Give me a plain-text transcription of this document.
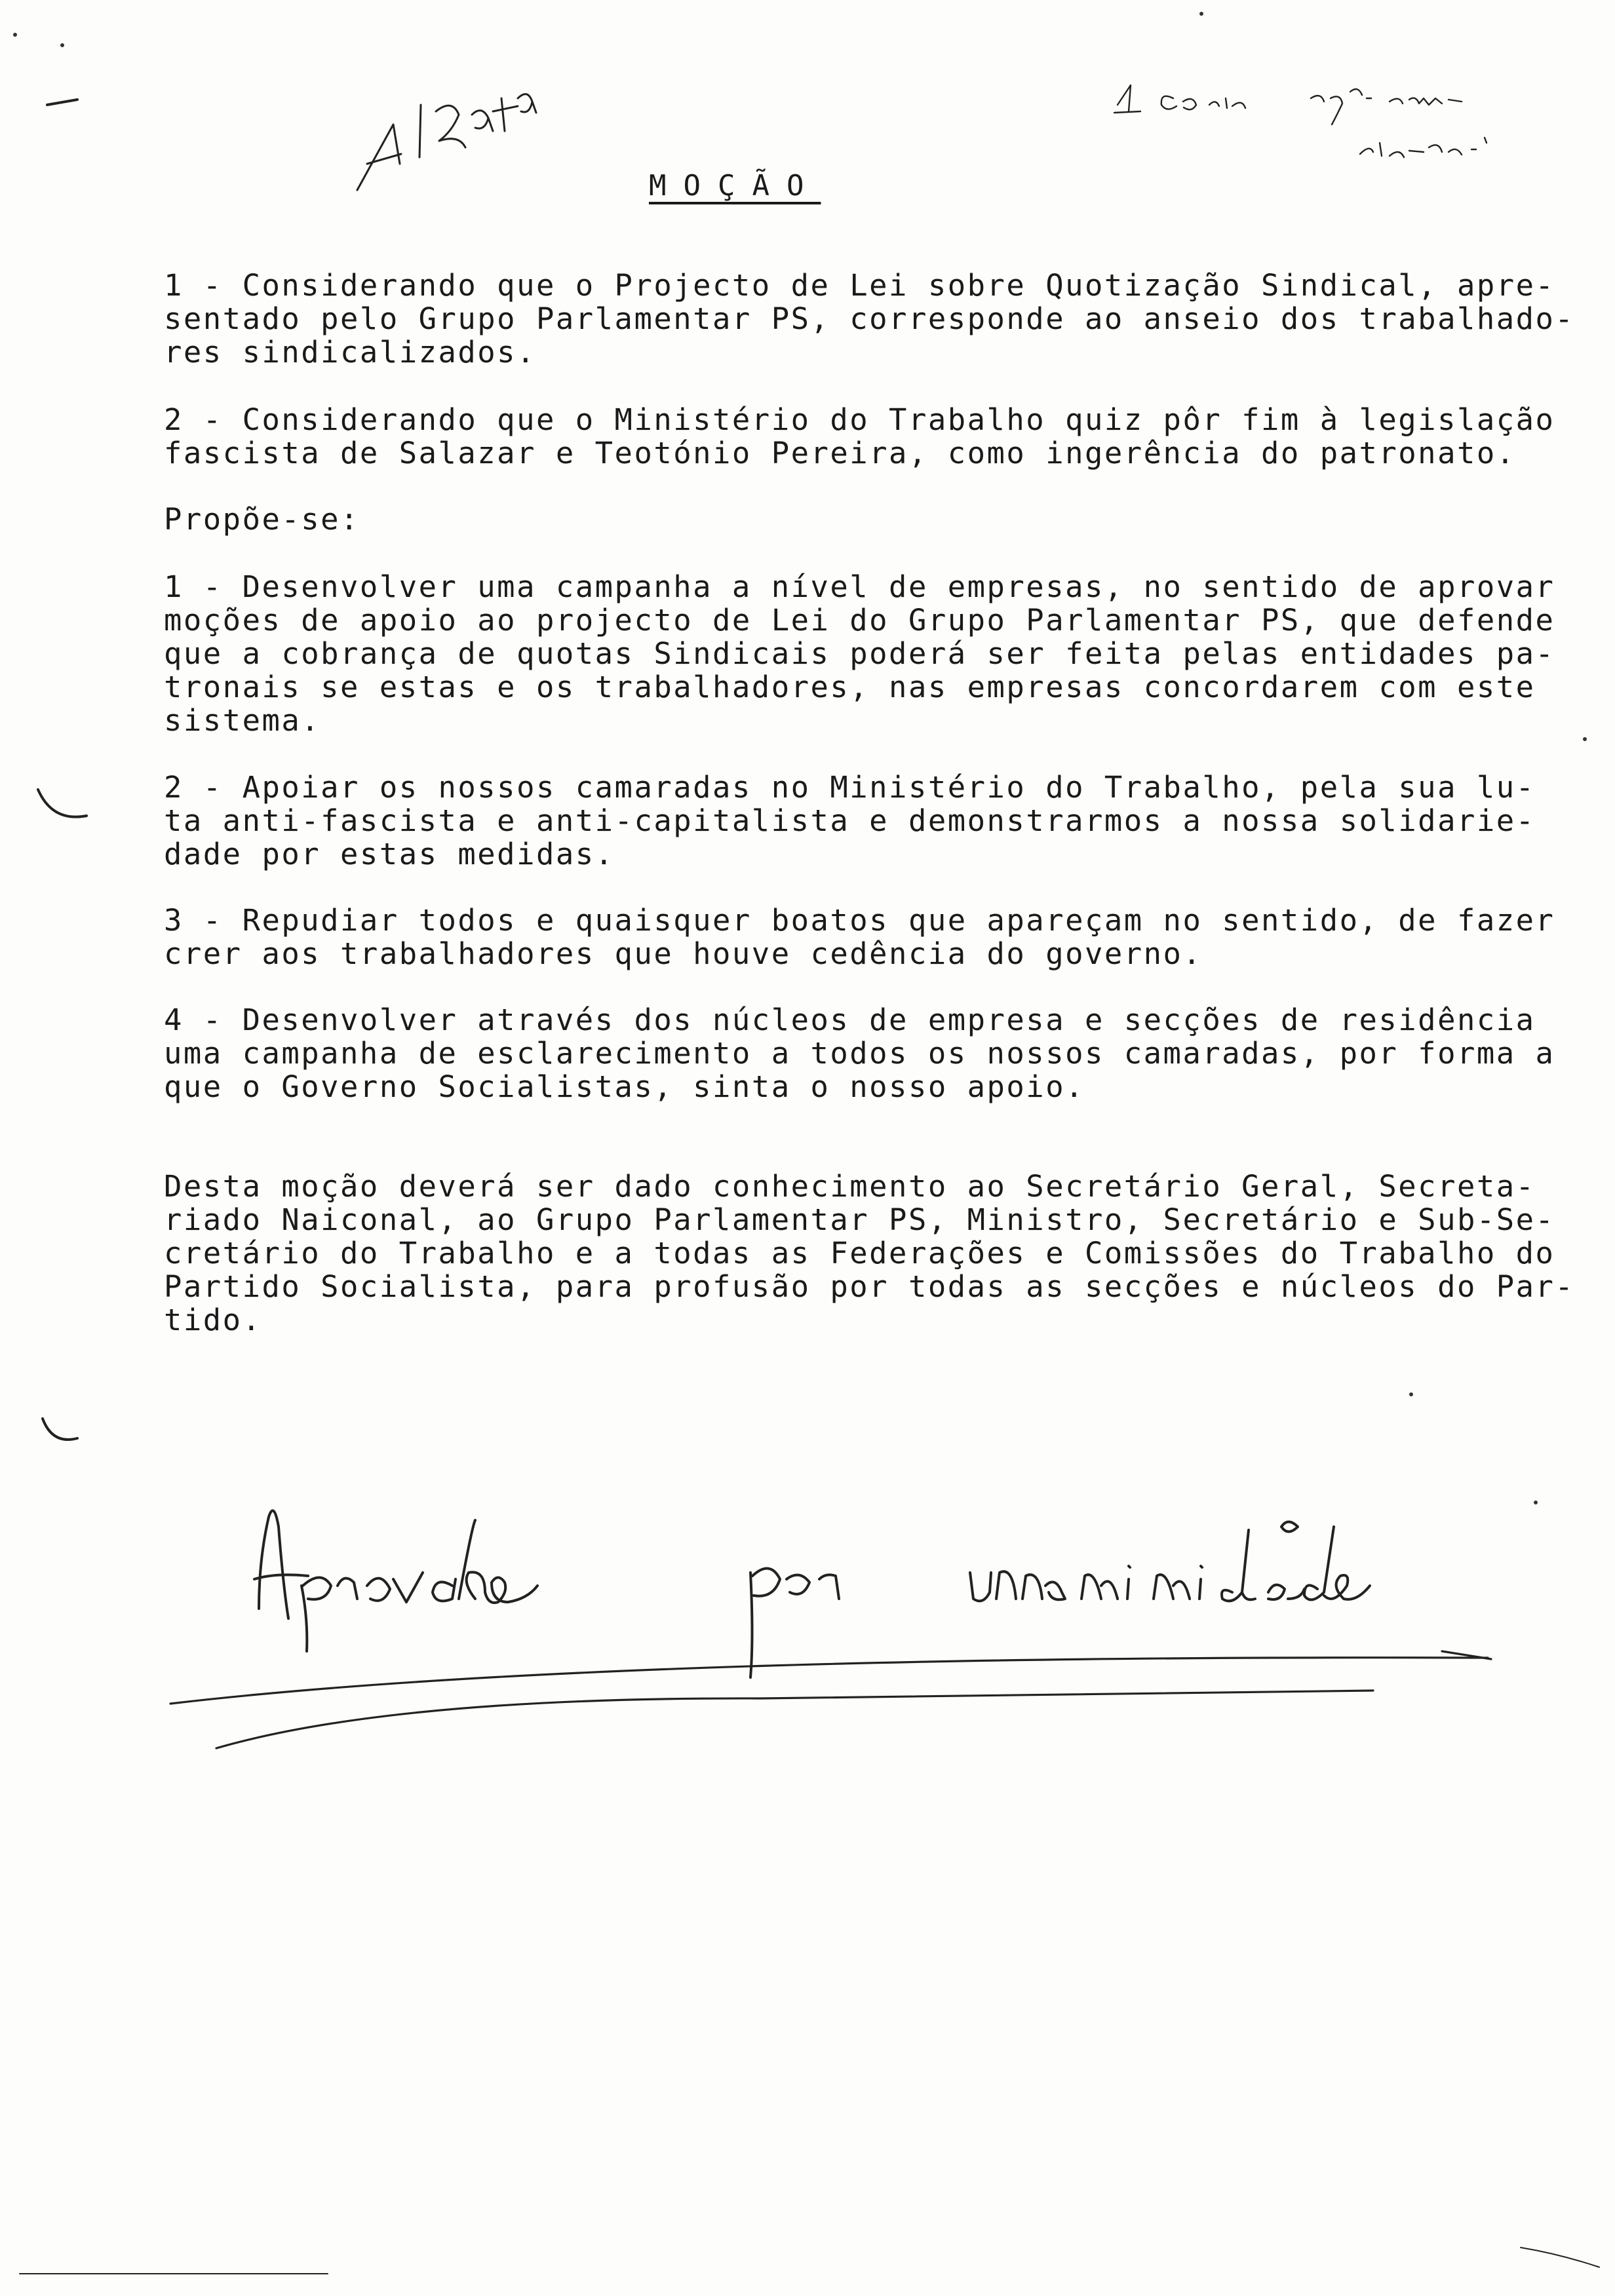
MOÇÃO
1 - Considerando que o Projecto de Lei sobre Quotização Sindical, apre-
sentado pelo Grupo Parlamentar PS, corresponde ao anseio dos trabalhado-
res sindicalizados.
2 - Considerando que o Ministério do Trabalho quiz pôr fim à legislação
fascista de Salazar e Teotónio Pereira, como ingerência do patronato.
Propõe-se:
1 - Desenvolver uma campanha a nível de empresas, no sentido de aprovar
moções de apoio ao projecto de Lei do Grupo Parlamentar PS, que defende
que a cobrança de quotas Sindicais poderá ser feita pelas entidades pa-
tronais se estas e os trabalhadores, nas empresas concordarem com este
sistema.
2 - Apoiar os nossos camaradas no Ministério do Trabalho, pela sua lu-
ta anti-fascista e anti-capitalista e demonstrarmos a nossa solidarie-
dade por estas medidas.
3 - Repudiar todos e quaisquer boatos que apareçam no sentido, de fazer
crer aos trabalhadores que houve cedência do governo.
4 - Desenvolver através dos núcleos de empresa e secções de residência
uma campanha de esclarecimento a todos os nossos camaradas, por forma a
que o Governo Socialistas, sinta o nosso apoio.
Desta moção deverá ser dado conhecimento ao Secretário Geral, Secreta-
riado Naiconal, ao Grupo Parlamentar PS, Ministro, Secretário e Sub-Se-
cretário do Trabalho e a todas as Federações e Comissões do Trabalho do
Partido Socialista, para profusão por todas as secções e núcleos do Par-
tido.
